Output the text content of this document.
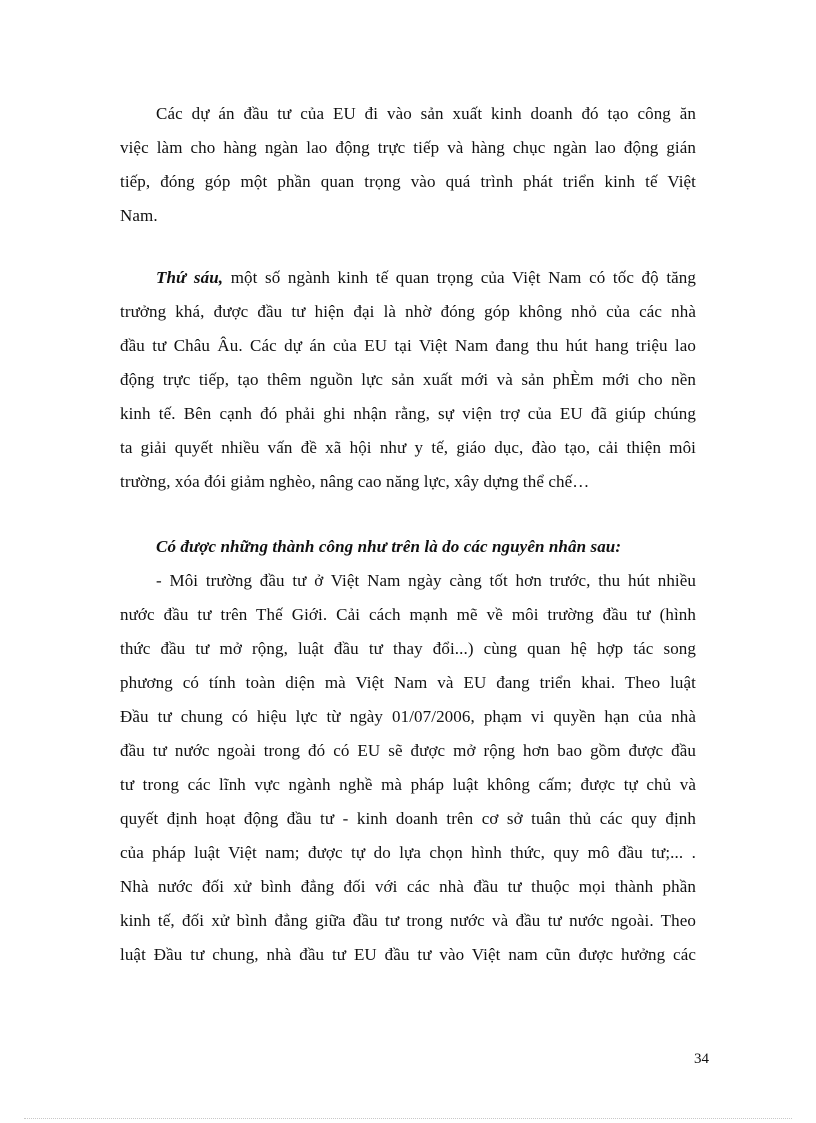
Các dự án đầu tư của EU đi vào sản xuất kinh doanh đó tạo công ăn
việc làm cho hàng ngàn lao động trực tiếp và hàng chục ngàn lao động gián
tiếp, đóng góp một phần quan trọng vào quá trình phát triển kinh tế Việt
Nam.
Thứ sáu, một số ngành kinh tế quan trọng của Việt Nam có tốc độ tăng
trưởng khá, được đầu tư hiện đại là nhờ đóng góp không nhỏ của các nhà
đầu tư Châu Âu. Các dự án của EU tại Việt Nam đang thu hút hang triệu lao
động trực tiếp, tạo thêm nguồn lực sản xuất mới và sản phÈm mới cho nền
kinh tế. Bên cạnh đó phải ghi nhận rằng, sự viện trợ của EU đã giúp chúng
ta giải quyết nhiều vấn đề xã hội như y tế, giáo dục, đào tạo, cải thiện môi
trường, xóa đói giảm nghèo, nâng cao năng lực, xây dựng thể chế…
Có được những thành công như trên là do các nguyên nhân sau:
- Môi trường đầu tư ở Việt Nam ngày càng tốt hơn trước, thu hút nhiều
nước đầu tư trên Thế Giới. Cải cách mạnh mẽ về môi trường đầu tư (hình
thức đầu tư mở rộng, luật đầu tư thay đổi...) cùng quan hệ hợp tác song
phương có tính toàn diện mà Việt Nam và EU đang triển khai. Theo luật
Đầu tư chung có hiệu lực từ ngày 01/07/2006, phạm vi quyền hạn của nhà
đầu tư nước ngoài trong đó có EU sẽ được mở rộng hơn bao gồm được đầu
tư trong các lĩnh vực ngành nghề mà pháp luật không cấm; được tự chủ và
quyết định hoạt động đầu tư - kinh doanh trên cơ sở tuân thủ các quy định
của pháp luật Việt nam; được tự do lựa chọn hình thức, quy mô đầu tư;... .
Nhà nước đối xử bình đẳng đối với các nhà đầu tư thuộc mọi thành phần
kinh tế, đối xử bình đẳng giữa đầu tư trong nước và đầu tư nước ngoài. Theo
luật Đầu tư chung, nhà đầu tư EU đầu tư vào Việt nam cũn được hưởng các
34
